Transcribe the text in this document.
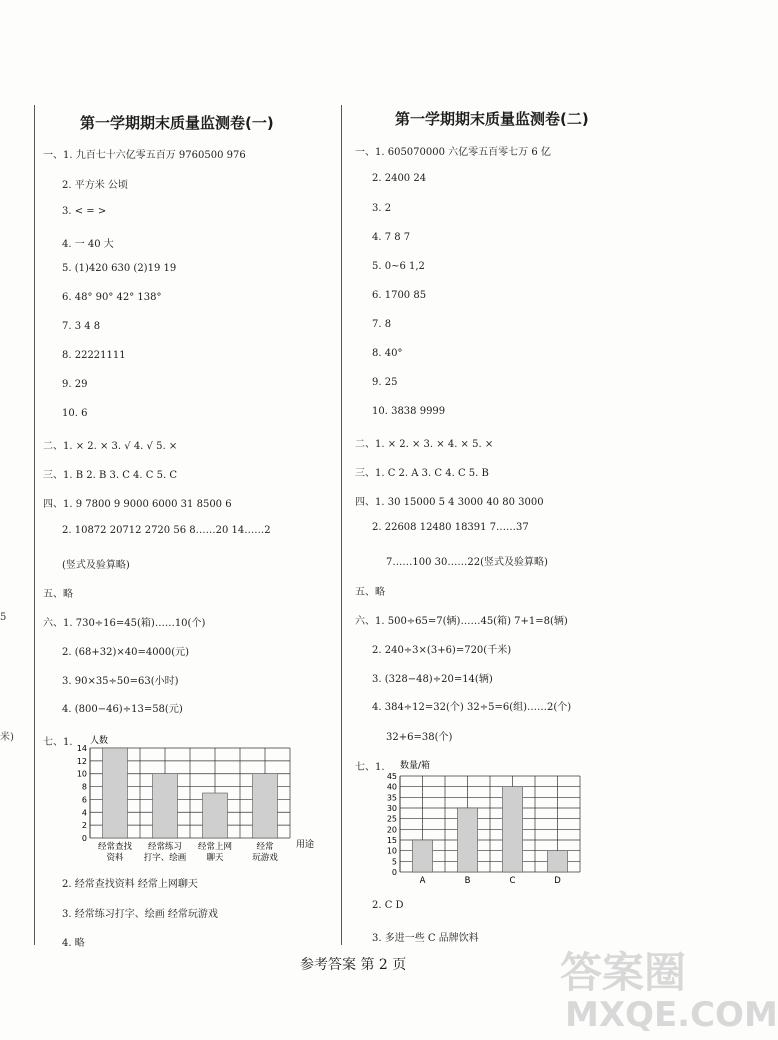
5
米)
第一学期期末质量监测卷(一)	第一学期期末质量监测卷(二)
一、1. 九百七十六亿零五百万 9760500 976
2. 平方米 公顷
3. < = >
4. 一 40 大
5. (1)420 630 (2)19 19
6. 48° 90° 42° 138°
7. 3 4 8
8. 22221111
9. 29
10. 6
二、1. × 2. × 3. √ 4. √ 5. ×
三、1. B 2. B 3. C 4. C 5. C
四、1. 9 7800 9 9000 6000 31 8500 6
2. 10872 20712 2720 56 8……20 14……2
(竖式及验算略)
五、略
六、1. 730÷16=45(箱)……10(个)
2. (68+32)×40=4000(元)
3. 90×35÷50=63(小时)
4. (800−46)÷13=58(元)
七、1.
2. 经常查找资料 经常上网聊天
3. 经常练习打字、绘画 经常玩游戏
4. 略
一、1. 605070000 六亿零五百零七万 6 亿
2. 2400 24
3. 2
4. 7 8 7
5. 0~6 1,2
6. 1700 85
7. 8
8. 40°
9. 25
10. 3838 9999
二、1. × 2. × 3. × 4. × 5. ×
三、1. C 2. A 3. C 4. C 5. B
四、1. 30 15000 5 4 3000 40 80 3000
2. 22608 12480 18391 7……37
7……100 30……22(竖式及验算略)
五、略
六、1. 500÷65=7(辆)……45(箱) 7+1=8(辆)
2. 240÷3×(3+6)=720(千米)
3. (328−48)÷20=14(辆)
4. 384÷12=32(个) 32÷5=6(组)……2(个)
32+6=38(个)
七、1.
2. C D
3. 多进一些 C 品牌饮料
人数
用途
0
2
4
6
8
10
12
14
经常查找
资料
经常练习
打字、绘画
经常上网
聊天
经常
玩游戏
数量/箱
0
5
10
15
20
25
30
35
40
45
A	B	C	D
参考答案 第 2 页	答案圈
MXQE.COM
